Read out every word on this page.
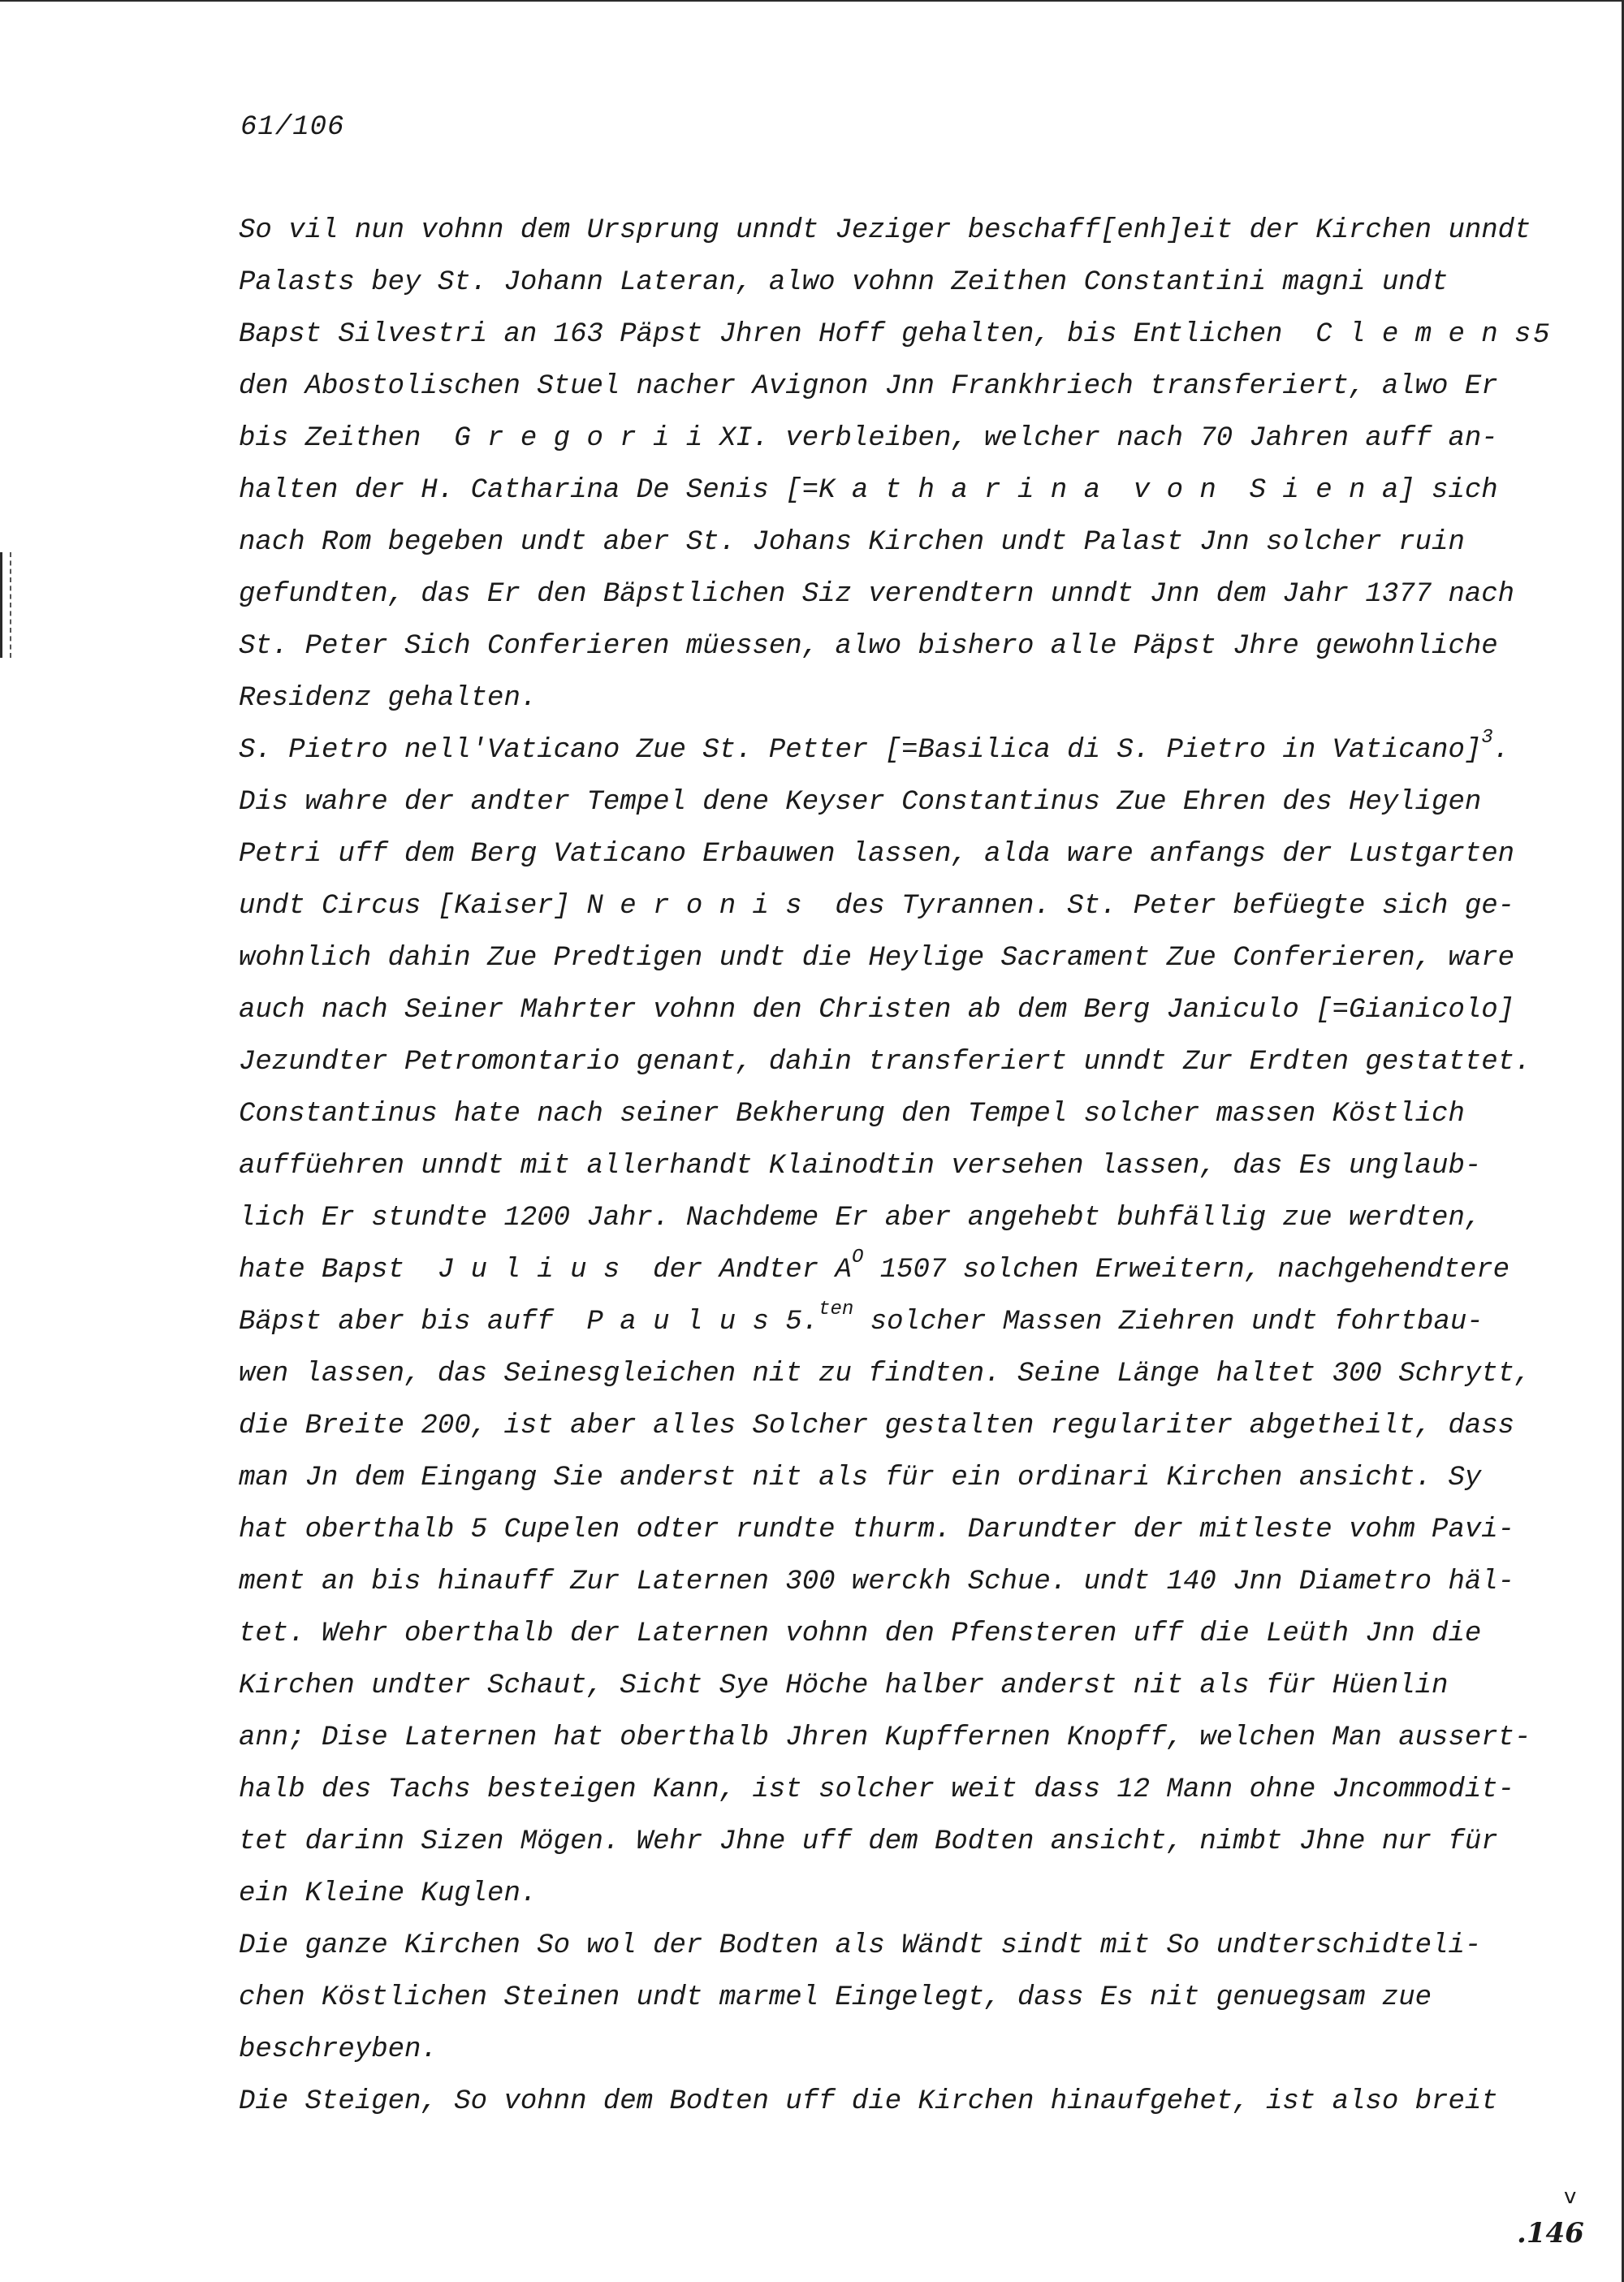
61/106
5
So vil nun vohnn dem Ursprung unndt Jeziger beschaff[enh]eit der Kirchen unndt
Palasts bey St. Johann Lateran, alwo vohnn Zeithen Constantini magni undt
Bapst Silvestri an 163 Päpst Jhren Hoff gehalten, bis Entlichen  C l e m e n s
den Abostolischen Stuel nacher Avignon Jnn Frankhriech transferiert, alwo Er
bis Zeithen  G r e g o r i i XI. verbleiben, welcher nach 70 Jahren auff an-
halten der H. Catharina De Senis [=K a t h a r i n a  v o n  S i e n a] sich
nach Rom begeben undt aber St. Johans Kirchen undt Palast Jnn solcher ruin
gefundten, das Er den Bäpstlichen Siz verendtern unndt Jnn dem Jahr 1377 nach
St. Peter Sich Conferieren müessen, alwo bishero alle Päpst Jhre gewohnliche
Residenz gehalten.
S. Pietro nell'Vaticano Zue St. Petter [=Basilica di S. Pietro in Vaticano]$^3$.
Dis wahre der andter Tempel dene Keyser Constantinus Zue Ehren des Heyligen
Petri uff dem Berg Vaticano Erbauwen lassen, alda ware anfangs der Lustgarten
undt Circus [Kaiser] N e r o n i s  des Tyrannen. St. Peter befüegte sich ge-
wohnlich dahin Zue Predtigen undt die Heylige Sacrament Zue Conferieren, ware
auch nach Seiner Mahrter vohnn den Christen ab dem Berg Janiculo [=Gianicolo]
Jezundter Petromontario genant, dahin transferiert unndt Zur Erdten gestattet.
Constantinus hate nach seiner Bekherung den Tempel solcher massen Köstlich
auffüehren unndt mit allerhandt Klainodtin versehen lassen, das Es unglaub-
lich Er stundte 1200 Jahr. Nachdeme Er aber angehebt buhfällig zue werdten,
hate Bapst  J u l i u s  der Andter $A^O$ 1507 solchen Erweitern, nachgehendtere
Bäpst aber bis auff  P a u l u s 5.$^{ten}$ solcher Massen Ziehren undt fohrtbau-
wen lassen, das Seinesgleichen nit zu findten. Seine Länge haltet 300 Schrytt,
die Breite 200, ist aber alles Solcher gestalten regulariter abgetheilt, dass
man Jn dem Eingang Sie anderst nit als für ein ordinari Kirchen ansicht. Sy
hat oberthalb 5 Cupelen odter rundte thurm. Darundter der mitleste vohm Pavi-
ment an bis hinauff Zur Laternen 300 werckh Schue. undt 140 Jnn Diametro häl-
tet. Wehr oberthalb der Laternen vohnn den Pfensteren uff die Leüth Jnn die
Kirchen undter Schaut, Sicht Sye Höche halber anderst nit als für Hüenlin
ann; Dise Laternen hat oberthalb Jhren Kupffernen Knopff, welchen Man aussert-
halb des Tachs besteigen Kann, ist solcher weit dass 12 Mann ohne Jncommodit-
tet darinn Sizen Mögen. Wehr Jhne uff dem Bodten ansicht, nimbt Jhne nur für
ein Kleine Kuglen.
Die ganze Kirchen So wol der Bodten als Wändt sindt mit So undterschidteli-
chen Köstlichen Steinen undt marmel Eingelegt, dass Es nit genuegsam zue
beschreyben.
Die Steigen, So vohnn dem Bodten uff die Kirchen hinaufgehet, ist also breit
v
.146
